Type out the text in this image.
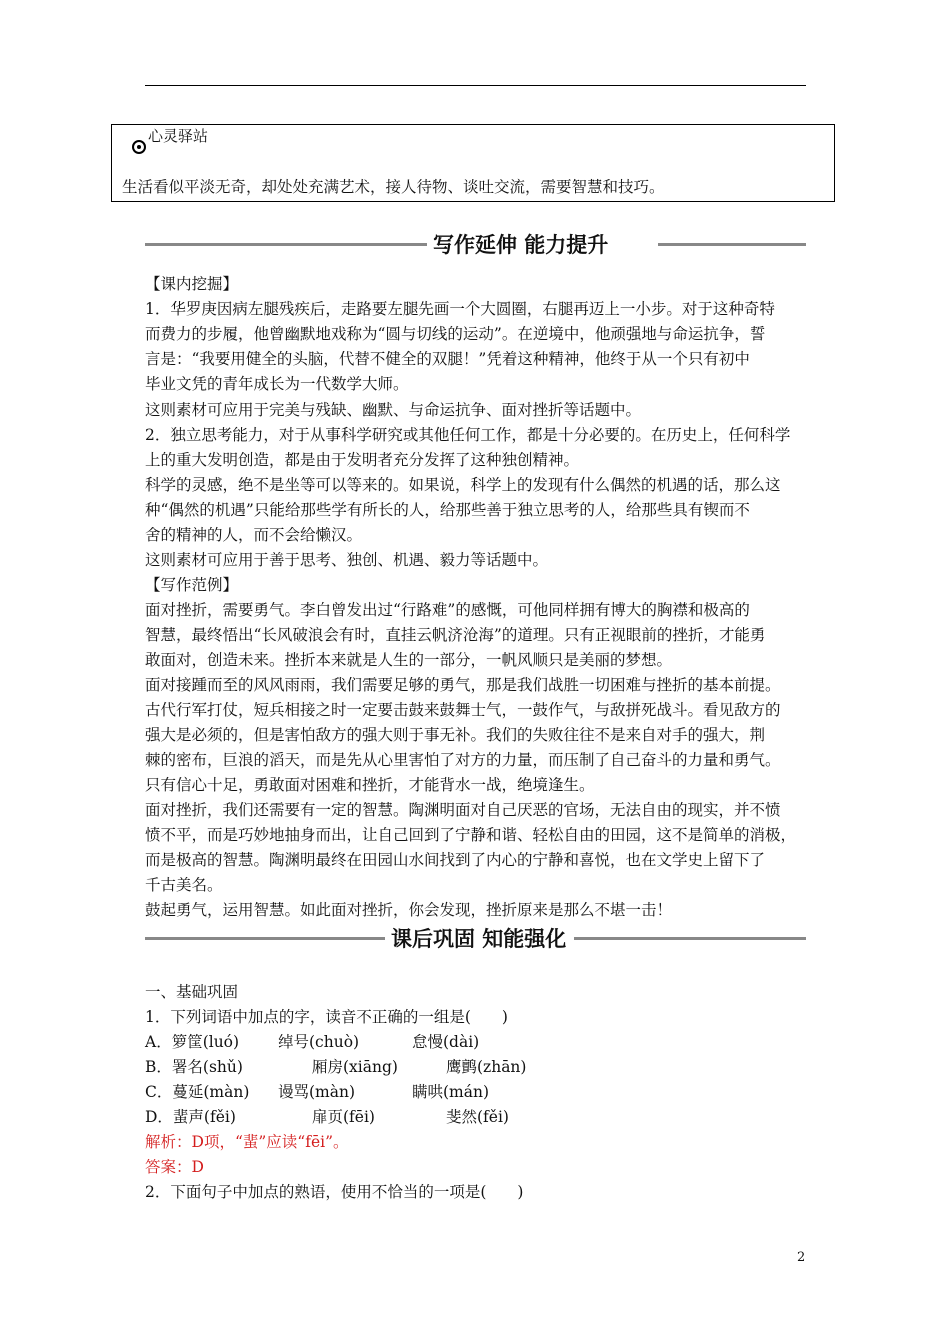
心灵驿站
生活看似平淡无奇，却处处充满艺术，接人待物、谈吐交流，需要智慧和技巧。
写作延伸 能力提升
【课内挖掘】
1．华罗庚因病左腿残疾后，走路要左腿先画一个大圆圈，右腿再迈上一小步。对于这种奇特
而费力的步履，他曾幽默地戏称为“圆与切线的运动”。在逆境中，他顽强地与命运抗争，誓
言是：“我要用健全的头脑，代替不健全的双腿！”凭着这种精神，他终于从一个只有初中
毕业文凭的青年成长为一代数学大师。
这则素材可应用于完美与残缺、幽默、与命运抗争、面对挫折等话题中。
2．独立思考能力，对于从事科学研究或其他任何工作，都是十分必要的。在历史上，任何科学
上的重大发明创造，都是由于发明者充分发挥了这种独创精神。
科学的灵感，绝不是坐等可以等来的。如果说，科学上的发现有什么偶然的机遇的话，那么这
种“偶然的机遇”只能给那些学有所长的人，给那些善于独立思考的人，给那些具有锲而不
舍的精神的人，而不会给懒汉。
这则素材可应用于善于思考、独创、机遇、毅力等话题中。
【写作范例】
面对挫折，需要勇气。李白曾发出过“行路难”的感慨，可他同样拥有博大的胸襟和极高的
智慧，最终悟出“长风破浪会有时，直挂云帆济沧海”的道理。只有正视眼前的挫折，才能勇
敢面对，创造未来。挫折本来就是人生的一部分，一帆风顺只是美丽的梦想。
面对接踵而至的风风雨雨，我们需要足够的勇气，那是我们战胜一切困难与挫折的基本前提。
古代行军打仗，短兵相接之时一定要击鼓来鼓舞士气，一鼓作气，与敌拼死战斗。看见敌方的
强大是必须的，但是害怕敌方的强大则于事无补。我们的失败往往不是来自对手的强大，荆
棘的密布，巨浪的滔天，而是先从心里害怕了对方的力量，而压制了自己奋斗的力量和勇气。
只有信心十足，勇敢面对困难和挫折，才能背水一战，绝境逢生。
面对挫折，我们还需要有一定的智慧。陶渊明面对自己厌恶的官场，无法自由的现实，并不愤
愤不平，而是巧妙地抽身而出，让自己回到了宁静和谐、轻松自由的田园，这不是简单的消极，
而是极高的智慧。陶渊明最终在田园山水间找到了内心的宁静和喜悦，也在文学史上留下了
千古美名。
鼓起勇气，运用智慧。如此面对挫折，你会发现，挫折原来是那么不堪一击！
课后巩固 知能强化
一、基础巩固
1．下列词语中加点的字，读音不正确的一组是(　　)
A．箩筐(luó)	绰号(chuò)	怠慢(dài)
B．署名(shǔ)	厢房(xiāng)	鹰鹯(zhān)
C．蔓延(màn) 谩骂(màn)	瞒哄(mán)
D．蜚声(fěi)	扉页(fēi)	斐然(fěi)
解析：D项，“蜚”应读“fēi”。
答案：D
2．下面句子中加点的熟语，使用不恰当的一项是(　　)
2
